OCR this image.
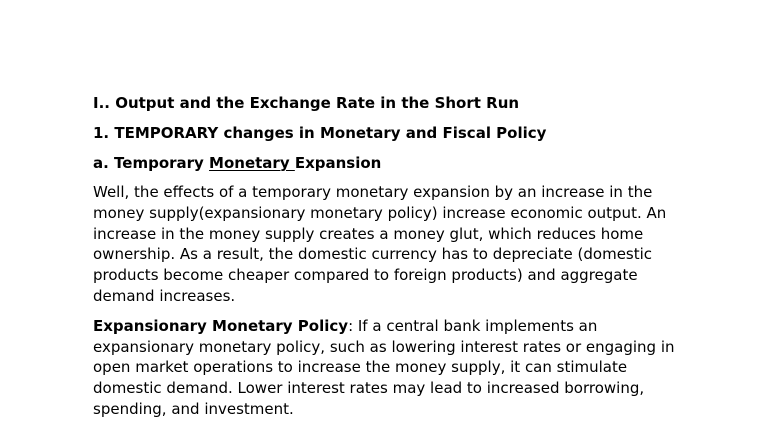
I.. Output and the Exchange Rate in the Short Run
1. TEMPORARY changes in Monetary and Fiscal Policy
a. Temporary Monetary Expansion
Well, the effects of a temporary monetary expansion by an increase in the
money supply(expansionary monetary policy) increase economic output. An
increase in the money supply creates a money glut, which reduces home
ownership. As a result, the domestic currency has to depreciate (domestic
products become cheaper compared to foreign products) and aggregate
demand increases.
Expansionary Monetary Policy: If a central bank implements an
expansionary monetary policy, such as lowering interest rates or engaging in
open market operations to increase the money supply, it can stimulate
domestic demand. Lower interest rates may lead to increased borrowing,
spending, and investment.
